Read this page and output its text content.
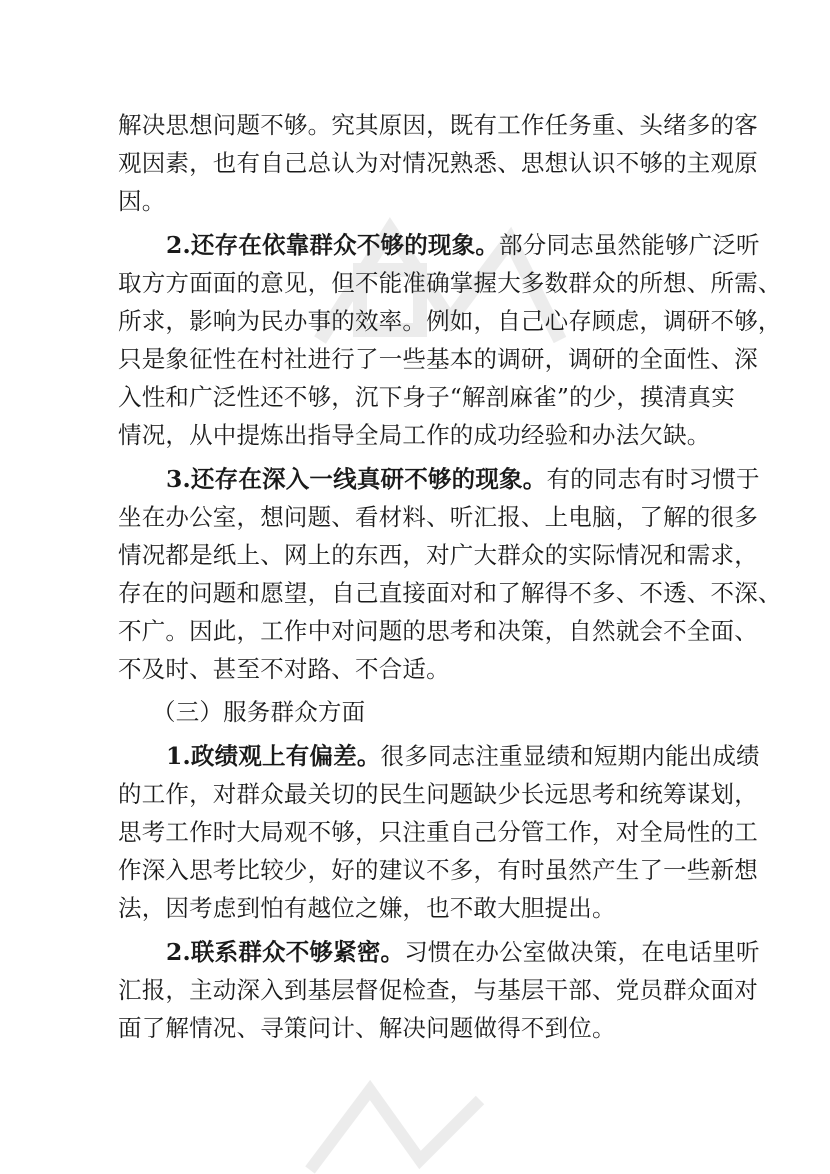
解决思想问题不够。究其原因，既有工作任务重、头绪多的客
观因素，也有自己总认为对情况熟悉、思想认识不够的主观原
因。
2.还存在依靠群众不够的现象。部分同志虽然能够广泛听
取方方面面的意见，但不能准确掌握大多数群众的所想、所需、
所求，影响为民办事的效率。例如，自己心存顾虑，调研不够，
只是象征性在村社进行了一些基本的调研，调研的全面性、深
入性和广泛性还不够，沉下身子“解剖麻雀”的少，摸清真实
情况，从中提炼出指导全局工作的成功经验和办法欠缺。
3.还存在深入一线真研不够的现象。有的同志有时习惯于
坐在办公室，想问题、看材料、听汇报、上电脑，了解的很多
情况都是纸上、网上的东西，对广大群众的实际情况和需求，
存在的问题和愿望，自己直接面对和了解得不多、不透、不深、
不广。因此，工作中对问题的思考和决策，自然就会不全面、
不及时、甚至不对路、不合适。
（三）服务群众方面
1.政绩观上有偏差。很多同志注重显绩和短期内能出成绩
的工作，对群众最关切的民生问题缺少长远思考和统筹谋划，
思考工作时大局观不够，只注重自己分管工作，对全局性的工
作深入思考比较少，好的建议不多，有时虽然产生了一些新想
法，因考虑到怕有越位之嫌，也不敢大胆提出。
2.联系群众不够紧密。习惯在办公室做决策，在电话里听
汇报，主动深入到基层督促检查，与基层干部、党员群众面对
面了解情况、寻策问计、解决问题做得不到位。
